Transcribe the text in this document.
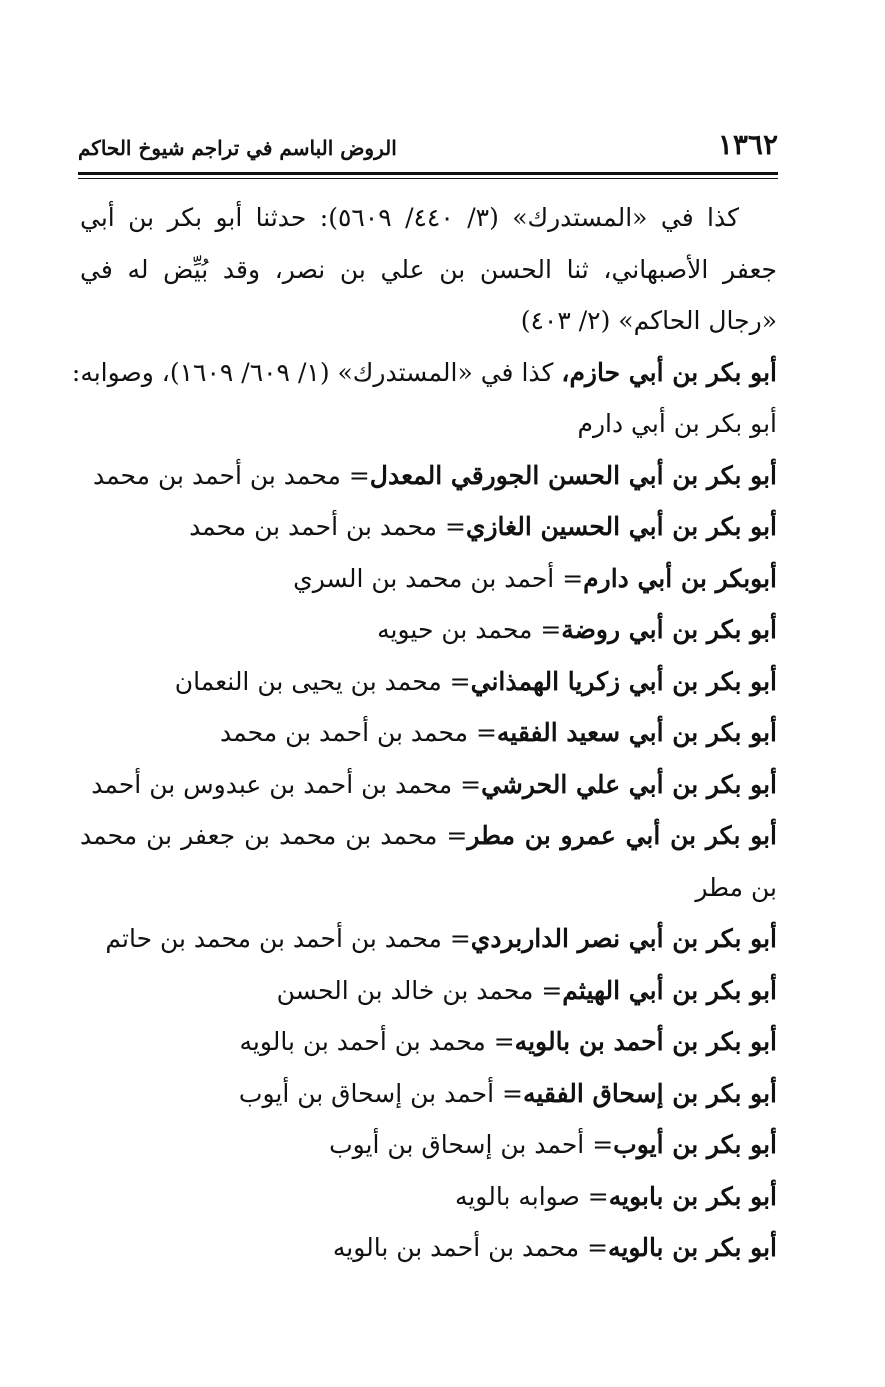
١٣٦٢
الروض الباسم في تراجم شيوخ الحاكم

كذا في «المستدرك» (٣/ ٤٤٠/ ٥٦٠٩): حدثنا أبو بكر بن أبي جعفر الأصبهاني، ثنا الحسن بن علي بن نصر، وقد بُيِّض له في «رجال الحاكم» (٢/ ٤٠٣)

أبو بكر بن أبي حازم، كذا في «المستدرك» (١/ ٦٠٩/ ١٦٠٩)، وصوابه:

أبو بكر بن أبي دارم

أبو بكر بن أبي الحسن الجورقي المعدل= محمد بن أحمد بن محمد

أبو بكر بن أبي الحسين الغازي= محمد بن أحمد بن محمد

أبوبكر بن أبي دارم= أحمد بن محمد بن السري

أبو بكر بن أبي روضة= محمد بن حيويه

أبو بكر بن أبي زكريا الهمذاني= محمد بن يحيى بن النعمان

أبو بكر بن أبي سعيد الفقيه= محمد بن أحمد بن محمد

أبو بكر بن أبي علي الحرشي= محمد بن أحمد بن عبدوس بن أحمد

أبو بكر بن أبي عمرو بن مطر= محمد بن محمد بن جعفر بن محمد بن مطر

أبو بكر بن أبي نصر الداربردي= محمد بن أحمد بن محمد بن حاتم

أبو بكر بن أبي الهيثم= محمد بن خالد بن الحسن

أبو بكر بن أحمد بن بالويه= محمد بن أحمد بن بالويه

أبو بكر بن إسحاق الفقيه= أحمد بن إسحاق بن أيوب

أبو بكر بن أيوب= أحمد بن إسحاق بن أيوب

أبو بكر بن بابويه= صوابه بالويه

أبو بكر بن بالويه= محمد بن أحمد بن بالويه
